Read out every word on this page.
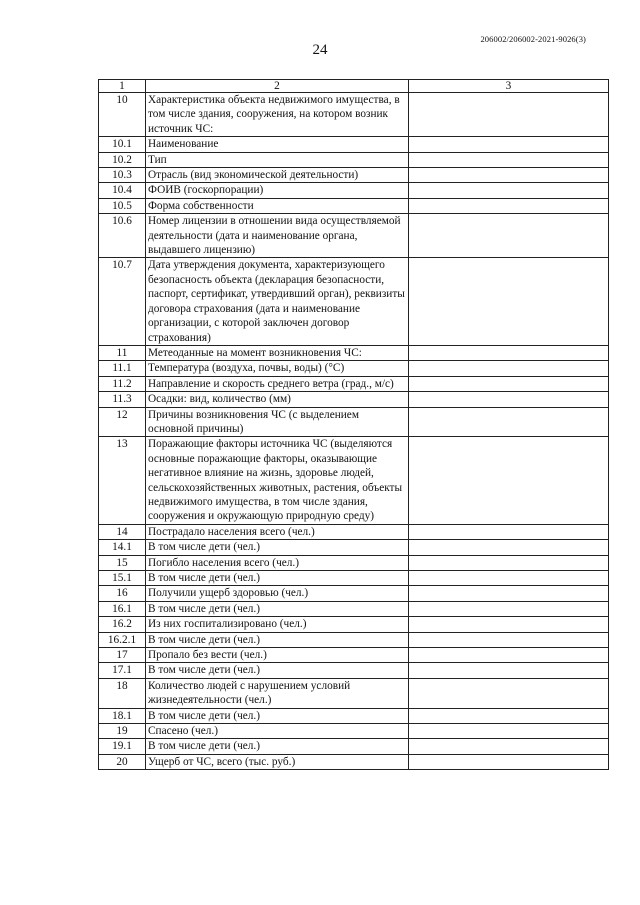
206002/206002-2021-9026(3)
24
1	2	3
10	Характеристика объекта недвижимого имущества, в том числе здания, сооружения, на котором возник источник ЧС:	
10.1	Наименование	
10.2	Тип	
10.3	Отрасль (вид экономической деятельности)	
10.4	ФОИВ (госкорпорации)	
10.5	Форма собственности	
10.6	Номер лицензии в отношении вида осуществляемой деятельности (дата и наименование органа, выдавшего лицензию)	
10.7	Дата утверждения документа, характеризующего безопасность объекта (декларация безопасности, паспорт, сертификат, утвердивший орган), реквизиты договора страхования (дата и наименование организации, с которой заключен договор страхования)	
11	Метеоданные на момент возникновения ЧС:	
11.1	Температура (воздуха, почвы, воды) (°C)	
11.2	Направление и скорость среднего ветра (град., м/с)	
11.3	Осадки: вид, количество (мм)	
12	Причины возникновения ЧС (с выделением основной причины)	
13	Поражающие факторы источника ЧС (выделяются основные поражающие факторы, оказывающие негативное влияние на жизнь, здоровье людей, сельскохозяйственных животных, растения, объекты недвижимого имущества, в том числе здания, сооружения и окружающую природную среду)	
14	Пострадало населения всего (чел.)	
14.1	В том числе дети (чел.)	
15	Погибло населения всего (чел.)	
15.1	В том числе дети (чел.)	
16	Получили ущерб здоровью (чел.)	
16.1	В том числе дети (чел.)	
16.2	Из них госпитализировано (чел.)	
16.2.1	В том числе дети (чел.)	
17	Пропало без вести (чел.)	
17.1	В том числе дети (чел.)	
18	Количество людей с нарушением условий жизнедеятельности (чел.)	
18.1	В том числе дети (чел.)	
19	Спасено (чел.)	
19.1	В том числе дети (чел.)	
20	Ущерб от ЧС, всего (тыс. руб.)	
